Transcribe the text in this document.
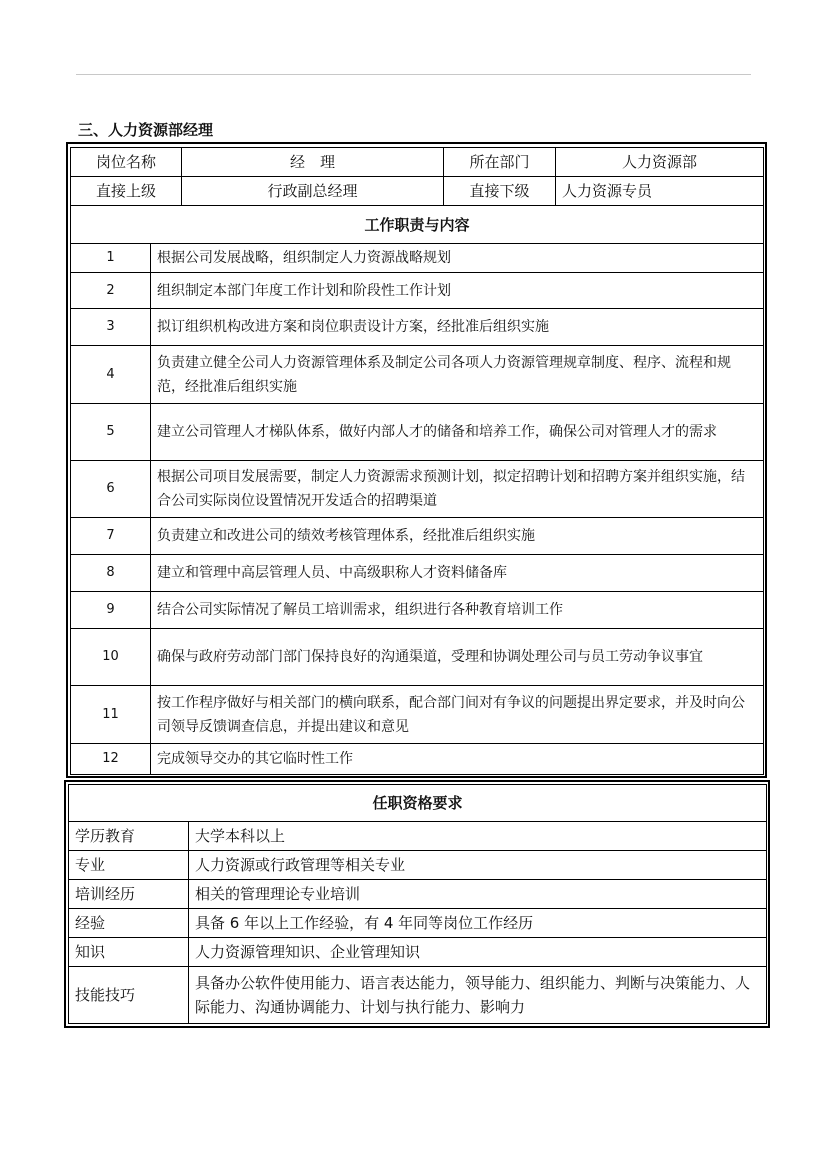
三、人力资源部经理
岗位名称		经　理	所在部门	人力资源部
直接上级		行政副总经理	直接下级	人力资源专员
工作职责与内容				
1	根据公司发展战略，组织制定人力资源战略规划			
2	组织制定本部门年度工作计划和阶段性工作计划			
3	拟订组织机构改进方案和岗位职责设计方案，经批准后组织实施			
4	负责建立健全公司人力资源管理体系及制定公司各项人力资源管理规章制度、程序、流程和规范，经批准后组织实施			
5	建立公司管理人才梯队体系，做好内部人才的储备和培养工作，确保公司对管理人才的需求			
6	根据公司项目发展需要，制定人力资源需求预测计划，拟定招聘计划和招聘方案并组织实施，结合公司实际岗位设置情况开发适合的招聘渠道			
7	负责建立和改进公司的绩效考核管理体系，经批准后组织实施			
8	建立和管理中高层管理人员、中高级职称人才资料储备库			
9	结合公司实际情况了解员工培训需求，组织进行各种教育培训工作			
10	确保与政府劳动部门部门保持良好的沟通渠道，受理和协调处理公司与员工劳动争议事宜			
11	按工作程序做好与相关部门的横向联系，配合部门间对有争议的问题提出界定要求，并及时向公司领导反馈调查信息，并提出建议和意见			
12	完成领导交办的其它临时性工作			
任职资格要求	
学历教育	大学本科以上
专业	人力资源或行政管理等相关专业
培训经历	相关的管理理论专业培训
经验	具备 6 年以上工作经验，有 4 年同等岗位工作经历
知识	人力资源管理知识、企业管理知识
技能技巧	具备办公软件使用能力、语言表达能力，领导能力、组织能力、判断与决策能力、人际能力、沟通协调能力、计划与执行能力、影响力
